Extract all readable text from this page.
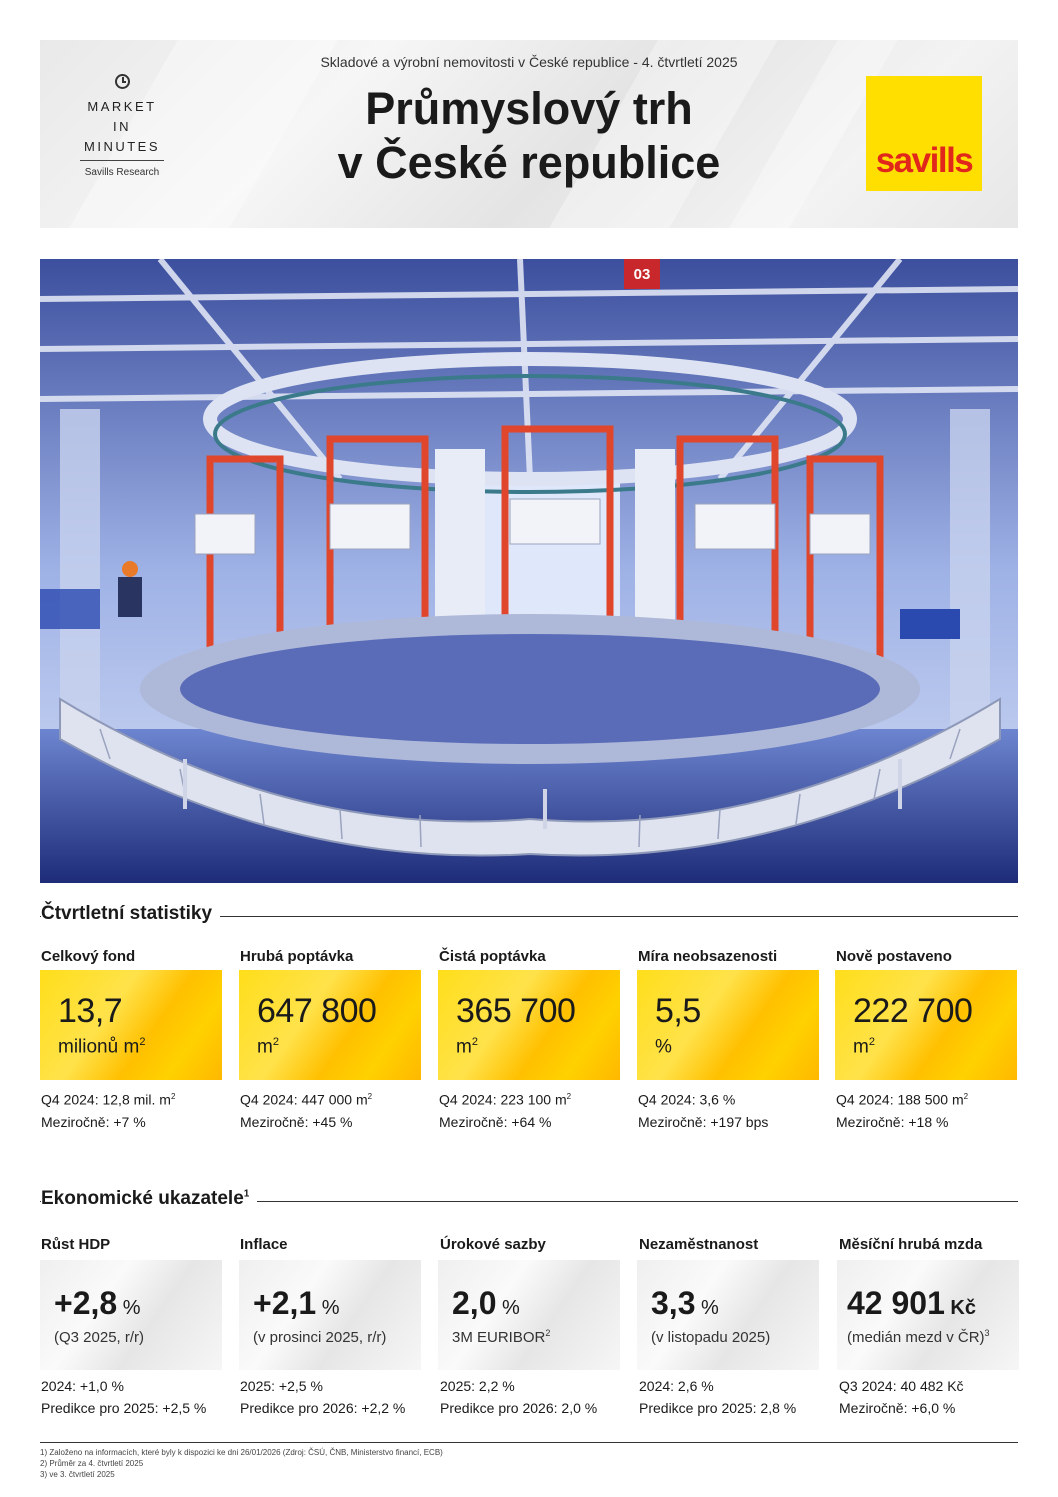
MARKET
IN
MINUTES
Savills Research
Skladové a výrobní nemovitosti v České republice - 4. čtvrtletí 2025
Průmyslový trh
v České republice	savills
03
Čtvrtletní statistiky
Celkový fond
13,7
milionů $m^2$
Q4 2024: 12,8 mil. $m^2$
Meziročně: +7 %
Hrubá poptávka
647 800
$m^2$
Q4 2024: 447 000 $m^2$
Meziročně: +45 %
Čistá poptávka
365 700
$m^2$
Q4 2024: 223 100 $m^2$
Meziročně: +64 %
Míra neobsazenosti
5,5
%
Q4 2024: 3,6 %
Meziročně: +197 bps
Nově postaveno
222 700
$m^2$
Q4 2024: 188 500 $m^2$
Meziročně: +18 %
Ekonomické ukazatele$^1$
Růst HDP
+2,8 %
(Q3 2025, r/r)
2024: +1,0 %
Predikce pro 2025: +2,5 %
Inflace
+2,1 %
(v prosinci 2025, r/r)
2025: +2,5 %
Predikce pro 2026: +2,2 %
Úrokové sazby
2,0 %
3M EURIBOR$^2$
2025: 2,2 %
Predikce pro 2026: 2,0 %
Nezaměstnanost
3,3 %
(v listopadu 2025)
2024: 2,6 %
Predikce pro 2025: 2,8 %
Měsíční hrubá mzda
42 901 Kč
(medián mezd v ČR)$^3$
Q3 2024: 40 482 Kč
Meziročně: +6,0 %
1) Založeno na informacích, které byly k dispozici ke dni 26/01/2026 (Zdroj: ČSÚ, ČNB, Ministerstvo financí, ECB)
2) Průměr za 4. čtvrtletí 2025
3) ve 3. čtvrtletí 2025
